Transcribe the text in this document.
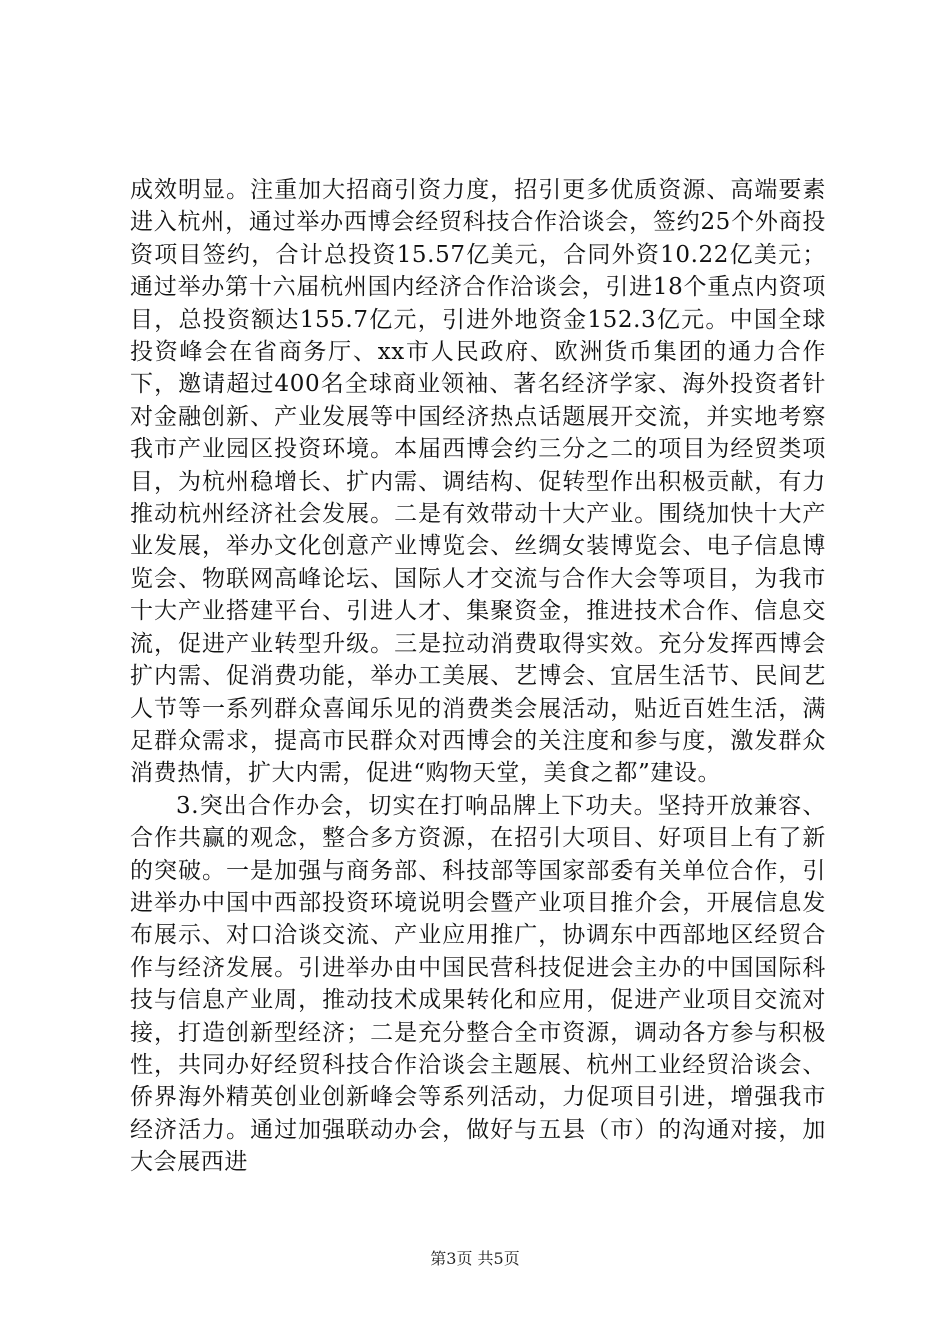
成效明显。注重加大招商引资力度，招引更多优质资源、高端要素进入杭州，通过举办西博会经贸科技合作洽谈会，签约25个外商投资项目签约，合计总投资15.57亿美元，合同外资10.22亿美元；通过举办第十六届杭州国内经济合作洽谈会，引进18个重点内资项目，总投资额达155.7亿元，引进外地资金152.3亿元。中国全球投资峰会在省商务厅、xx市人民政府、欧洲货币集团的通力合作下，邀请超过400名全球商业领袖、著名经济学家、海外投资者针对金融创新、产业发展等中国经济热点话题展开交流，并实地考察我市产业园区投资环境。本届西博会约三分之二的项目为经贸类项目，为杭州稳增长、扩内需、调结构、促转型作出积极贡献，有力推动杭州经济社会发展。二是有效带动十大产业。围绕加快十大产业发展，举办文化创意产业博览会、丝绸女装博览会、电子信息博览会、物联网高峰论坛、国际人才交流与合作大会等项目，为我市十大产业搭建平台、引进人才、集聚资金，推进技术合作、信息交流，促进产业转型升级。三是拉动消费取得实效。充分发挥西博会扩内需、促消费功能，举办工美展、艺博会、宜居生活节、民间艺人节等一系列群众喜闻乐见的消费类会展活动，贴近百姓生活，满足群众需求，提高市民群众对西博会的关注度和参与度，激发群众消费热情，扩大内需，促进“购物天堂，美食之都”建设。

3.突出合作办会，切实在打响品牌上下功夫。坚持开放兼容、合作共赢的观念，整合多方资源，在招引大项目、好项目上有了新的突破。一是加强与商务部、科技部等国家部委有关单位合作，引进举办中国中西部投资环境说明会暨产业项目推介会，开展信息发布展示、对口洽谈交流、产业应用推广，协调东中西部地区经贸合作与经济发展。引进举办由中国民营科技促进会主办的中国国际科技与信息产业周，推动技术成果转化和应用，促进产业项目交流对接，打造创新型经济；二是充分整合全市资源，调动各方参与积极性，共同办好经贸科技合作洽谈会主题展、杭州工业经贸洽谈会、侨界海外精英创业创新峰会等系列活动，力促项目引进，增强我市经济活力。通过加强联动办会，做好与五县（市）的沟通对接，加大会展西进

第3页 共5页
